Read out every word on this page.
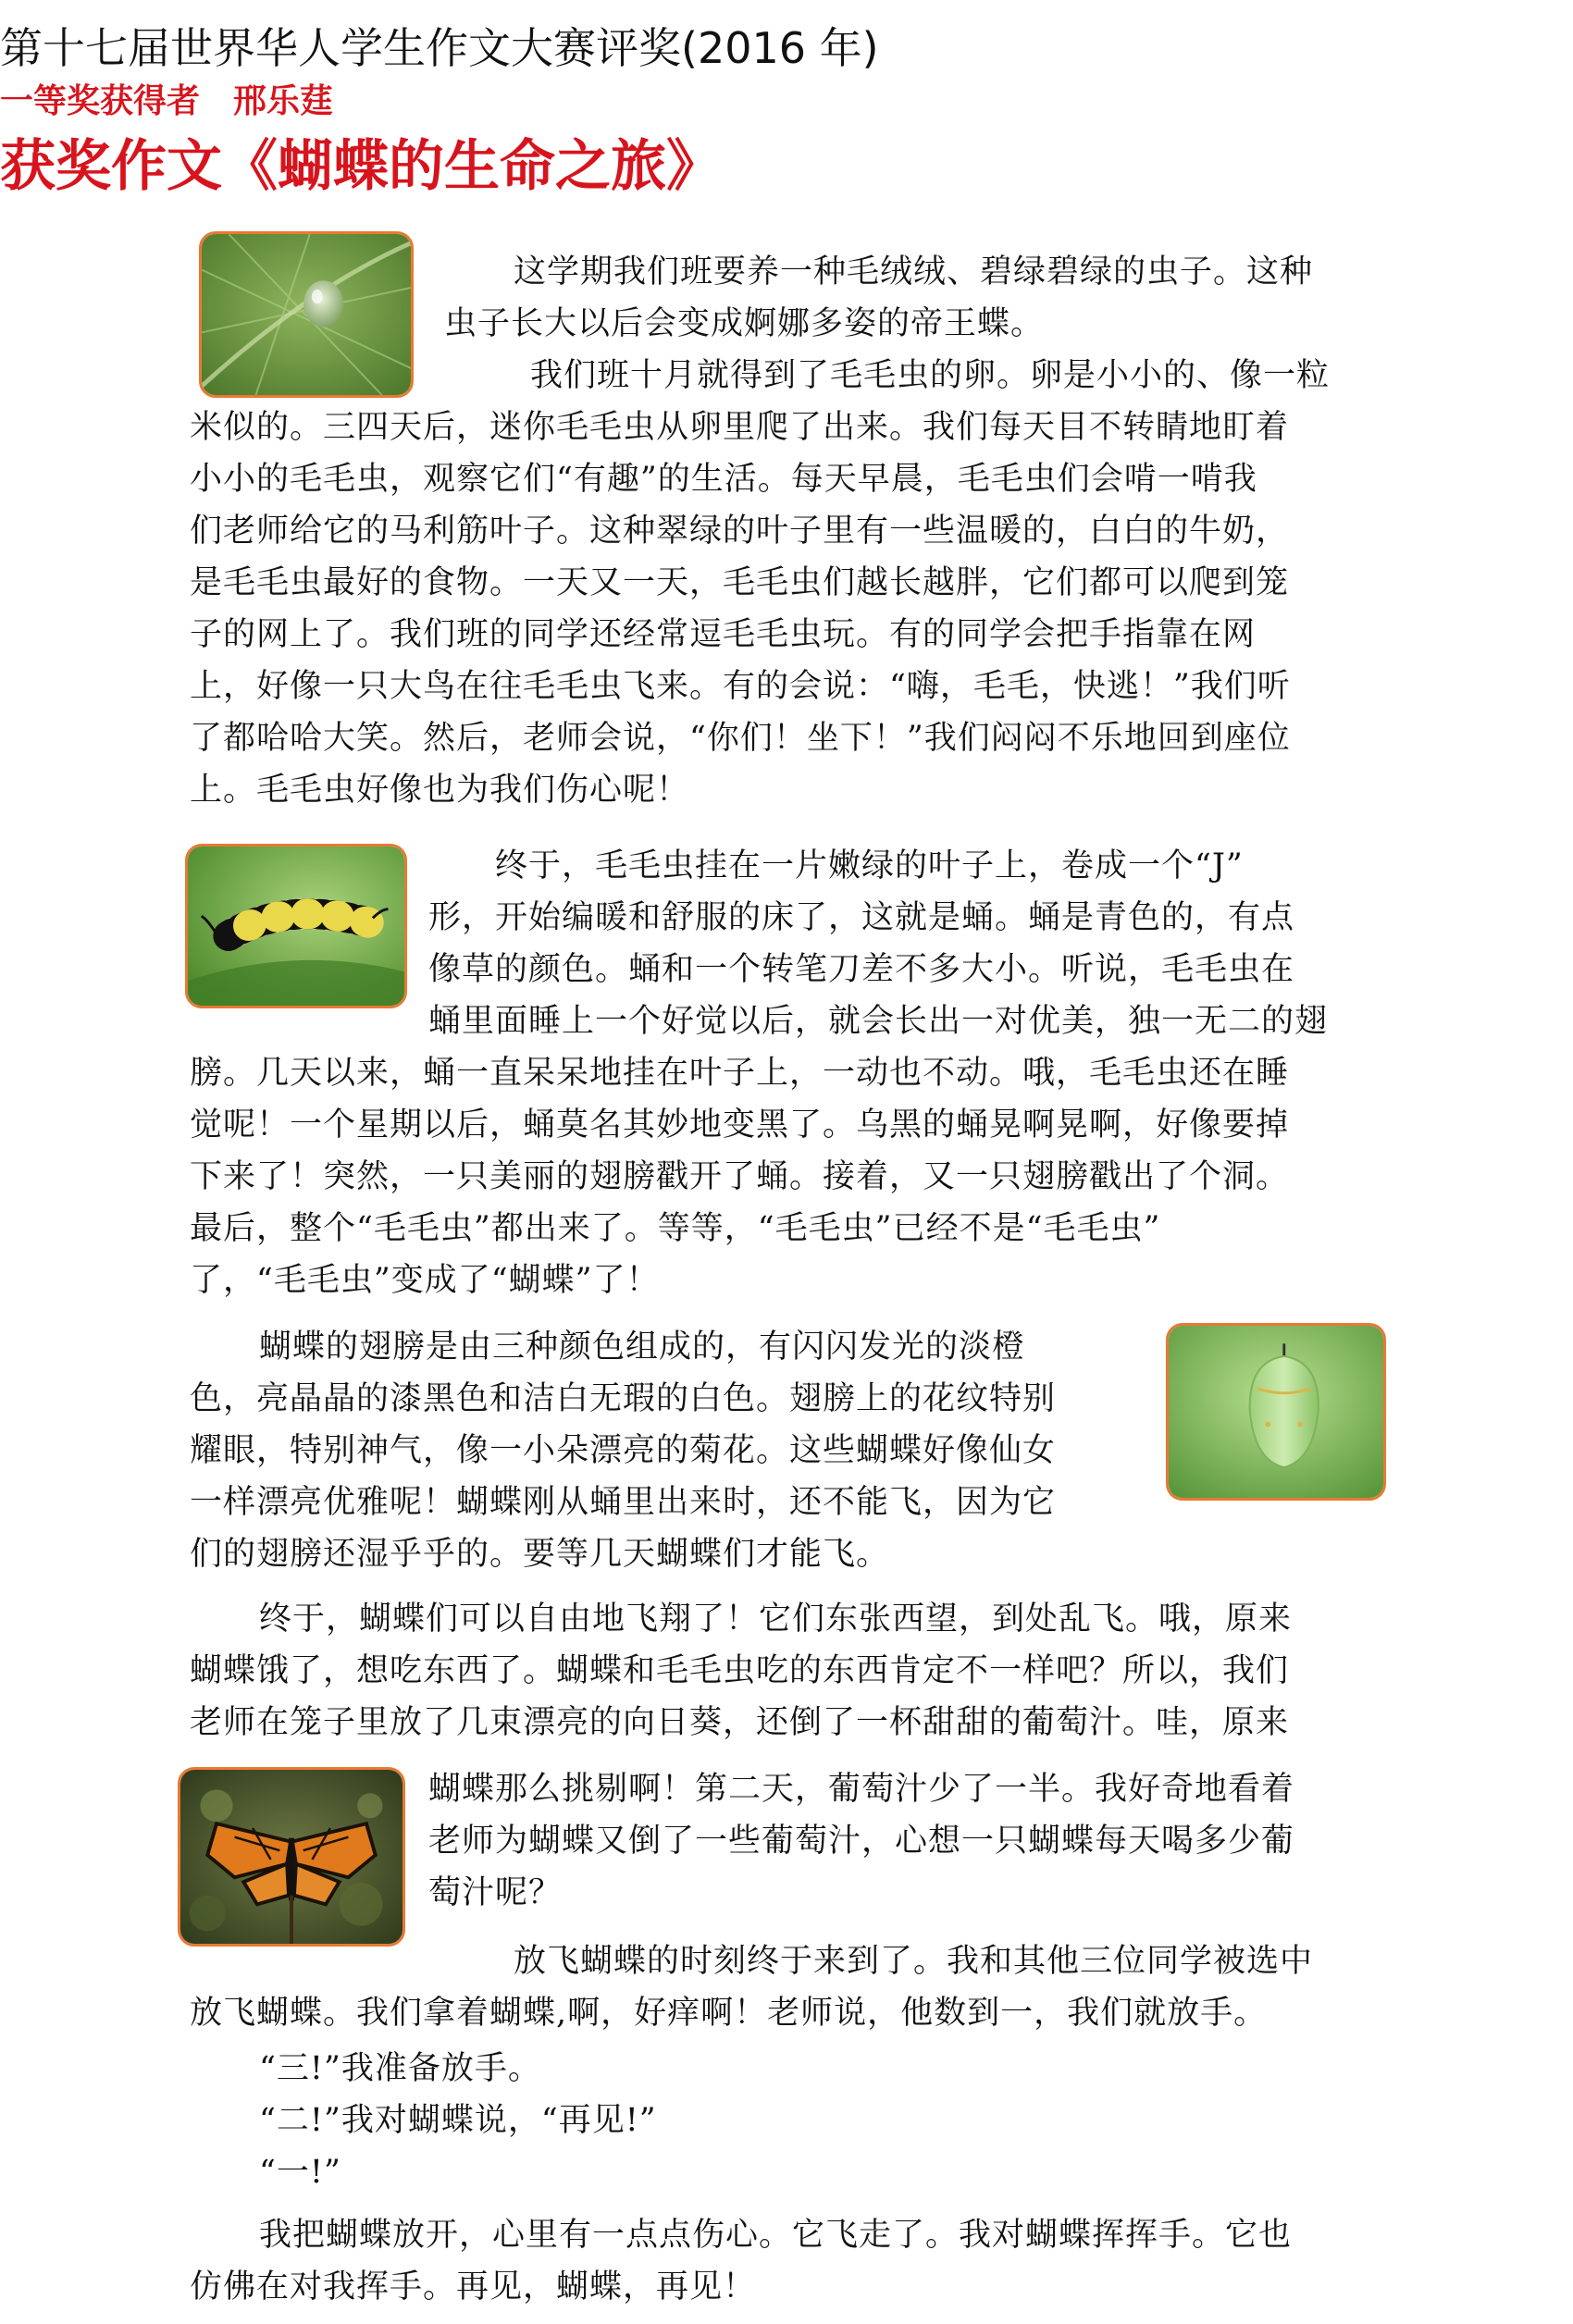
第十七届世界华人学生作文大赛评奖(2016 年)
一等奖获得者　邢乐莛
获奖作文《蝴蝶的生命之旅》
这学期我们班要养一种毛绒绒、碧绿碧绿的虫子。这种
虫子长大以后会变成婀娜多姿的帝王蝶。
我们班十月就得到了毛毛虫的卵。卵是小小的、像一粒
米似的。三四天后，迷你毛毛虫从卵里爬了出来。我们每天目不转睛地盯着
小小的毛毛虫，观察它们“有趣”的生活。每天早晨，毛毛虫们会啃一啃我
们老师给它的马利筋叶子。这种翠绿的叶子里有一些温暖的，白白的牛奶，
是毛毛虫最好的食物。一天又一天，毛毛虫们越长越胖，它们都可以爬到笼
子的网上了。我们班的同学还经常逗毛毛虫玩。有的同学会把手指靠在网
上，好像一只大鸟在往毛毛虫飞来。有的会说：“嗨，毛毛，快逃！”我们听
了都哈哈大笑。然后，老师会说，“你们！坐下！”我们闷闷不乐地回到座位
上。毛毛虫好像也为我们伤心呢！
终于，毛毛虫挂在一片嫩绿的叶子上，卷成一个“J”
形，开始编暖和舒服的床了，这就是蛹。蛹是青色的，有点
像草的颜色。蛹和一个转笔刀差不多大小。听说，毛毛虫在
蛹里面睡上一个好觉以后，就会长出一对优美，独一无二的翅
膀。几天以来，蛹一直呆呆地挂在叶子上，一动也不动。哦，毛毛虫还在睡
觉呢！一个星期以后，蛹莫名其妙地变黑了。乌黑的蛹晃啊晃啊，好像要掉
下来了！突然，一只美丽的翅膀戳开了蛹。接着，又一只翅膀戳出了个洞。
最后，整个“毛毛虫”都出来了。等等，“毛毛虫”已经不是“毛毛虫”
了，“毛毛虫”变成了“蝴蝶”了！
蝴蝶的翅膀是由三种颜色组成的，有闪闪发光的淡橙
色，亮晶晶的漆黑色和洁白无瑕的白色。翅膀上的花纹特别
耀眼，特别神气，像一小朵漂亮的菊花。这些蝴蝶好像仙女
一样漂亮优雅呢！蝴蝶刚从蛹里出来时，还不能飞，因为它
们的翅膀还湿乎乎的。要等几天蝴蝶们才能飞。
终于，蝴蝶们可以自由地飞翔了！它们东张西望，到处乱飞。哦，原来
蝴蝶饿了，想吃东西了。蝴蝶和毛毛虫吃的东西肯定不一样吧？所以，我们
老师在笼子里放了几束漂亮的向日葵，还倒了一杯甜甜的葡萄汁。哇，原来
蝴蝶那么挑剔啊！第二天，葡萄汁少了一半。我好奇地看着
老师为蝴蝶又倒了一些葡萄汁，心想一只蝴蝶每天喝多少葡
萄汁呢？
放飞蝴蝶的时刻终于来到了。我和其他三位同学被选中
放飞蝴蝶。我们拿着蝴蝶,啊，好痒啊！老师说，他数到一，我们就放手。
“三!”我准备放手。
“二!”我对蝴蝶说，“再见!”
“一!”
我把蝴蝶放开，心里有一点点伤心。它飞走了。我对蝴蝶挥挥手。它也
仿佛在对我挥手。再见，蝴蝶，再见！
